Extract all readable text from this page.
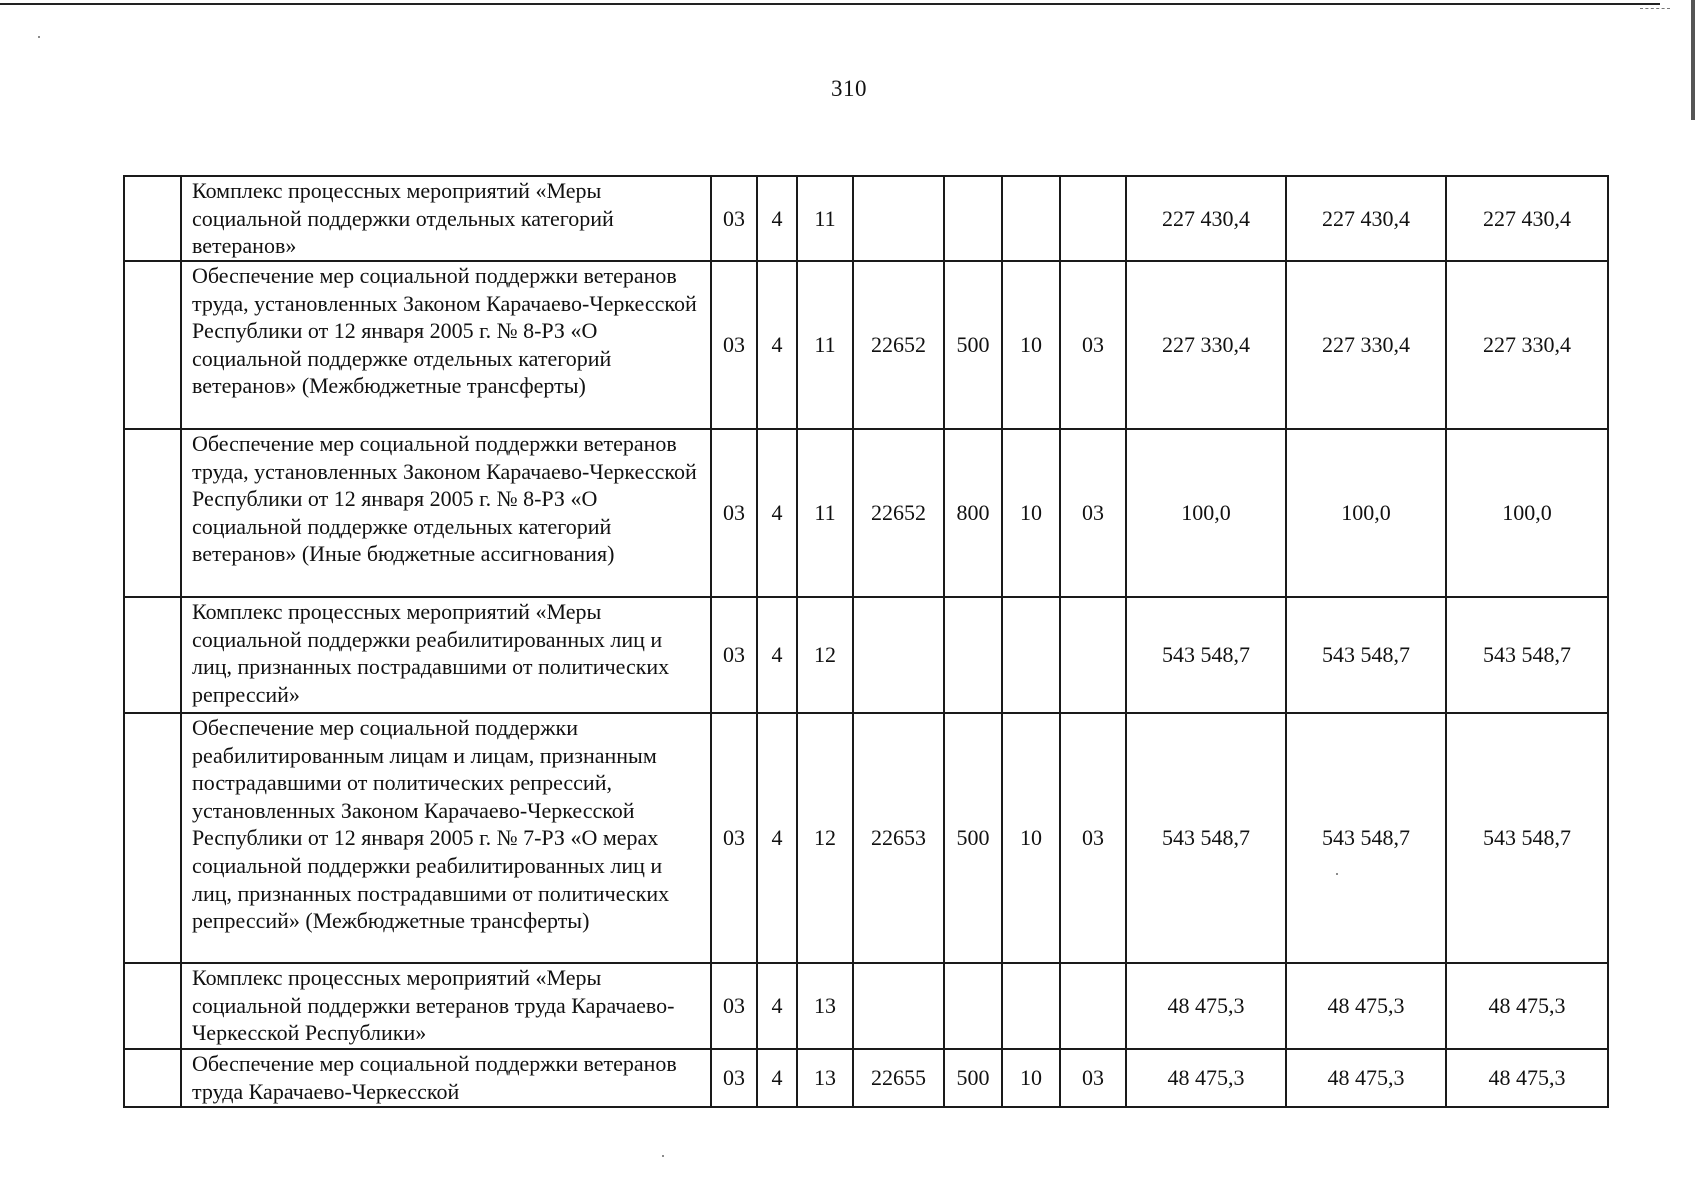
310
	Комплекс процессных мероприятий «Меры социальной поддержки отдельных категорий ветеранов»	03	4	11					227 430,4	227 430,4	227 430,4
	Обеспечение мер социальной поддержки ветеранов труда, установленных Законом Карачаево-Черкесской Республики от 12 января 2005 г. № 8-РЗ «О социальной поддержке отдельных категорий ветеранов» (Межбюджетные трансферты)	03	4	11	22652	500	10	03	227 330,4	227 330,4	227 330,4
	Обеспечение мер социальной поддержки ветеранов труда, установленных Законом Карачаево-Черкесской Республики от 12 января 2005 г. № 8-РЗ «О социальной поддержке отдельных категорий ветеранов» (Иные бюджетные ассигнования)	03	4	11	22652	800	10	03	100,0	100,0	100,0
	Комплекс процессных мероприятий «Меры социальной поддержки реабилитированных лиц и лиц, признанных пострадавшими от политических репрессий»	03	4	12					543 548,7	543 548,7	543 548,7
	Обеспечение мер социальной поддержки реабилитированным лицам и лицам, признанным пострадавшими от политических репрессий, установленных Законом Карачаево-Черкесской Республики от 12 января 2005 г. № 7-РЗ «О мерах социальной поддержки реабилитированных лиц и лиц, признанных пострадавшими от политических репрессий» (Межбюджетные трансферты)	03	4	12	22653	500	10	03	543 548,7	543 548,7	543 548,7
	Комплекс процессных мероприятий «Меры социальной поддержки ветеранов труда Карачаево-Черкесской Республики»	03	4	13					48 475,3	48 475,3	48 475,3
	Обеспечение мер социальной поддержки ветеранов труда Карачаево-Черкесской	03	4	13	22655	500	10	03	48 475,3	48 475,3	48 475,3
